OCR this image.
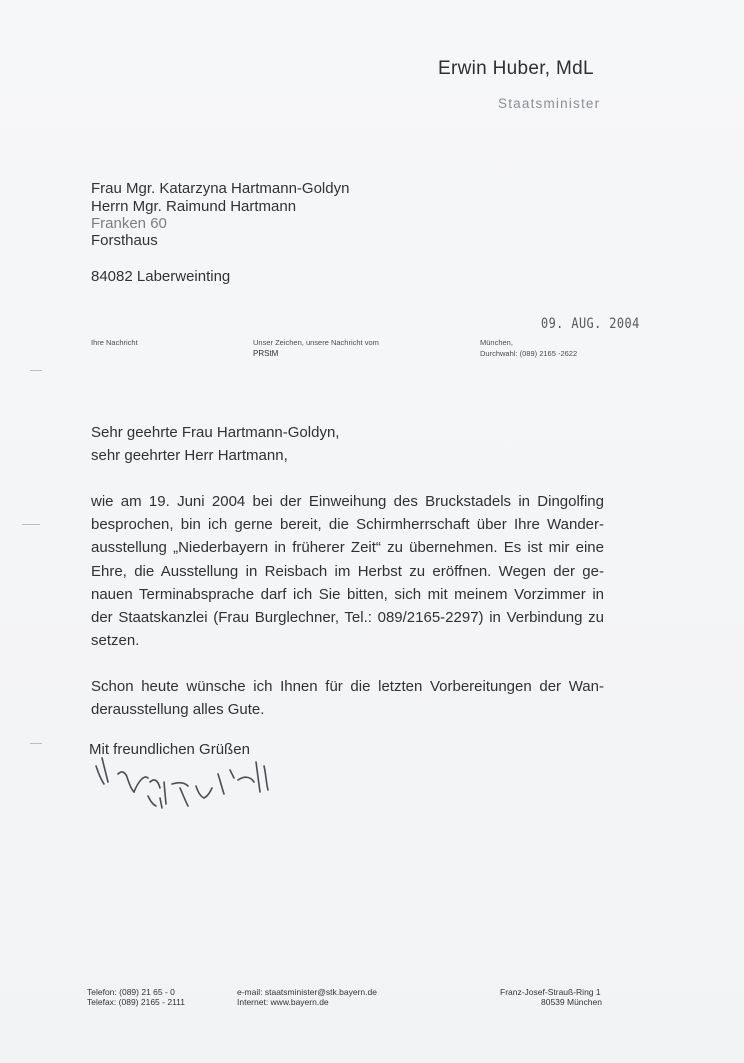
Erwin Huber, MdL
Staatsminister
Frau Mgr. Katarzyna Hartmann-Goldyn
Herrn Mgr. Raimund Hartmann
Franken 60
Forsthaus
84082 Laberweinting
Ihre Nachricht	Unser Zeichen, unsere Nachricht vom
PRStM
München,
Durchwahl: (089) 2165 -2622
09. AUG. 2004
Sehr geehrte Frau Hartmann-Goldyn,
sehr geehrter Herr Hartmann,

wie am 19. Juni 2004 bei der Einweihung des Bruckstadels in Dingolfing besprochen, bin ich gerne bereit, die Schirmherrschaft über Ihre Wanderausstellung „Niederbayern in früherer Zeit“ zu übernehmen. Es ist mir eine Ehre, die Ausstellung in Reisbach im Herbst zu eröffnen. Wegen der genauen Terminabsprache darf ich Sie bitten, sich mit meinem Vorzimmer in der Staatskanzlei (Frau Burglechner, Tel.: 089/2165-2297) in Verbindung zu setzen.

Schon heute wünsche ich Ihnen für die letzten Vorbereitungen der Wanderausstellung alles Gute.

Mit freundlichen Grüßen
Telefon: (089) 21 65 - 0
Telefax: (089) 2165 - 2111
e-mail: staatsminister@stk.bayern.de
Internet: www.bayern.de
Franz-Josef-Strauß-Ring 1
80539 München
